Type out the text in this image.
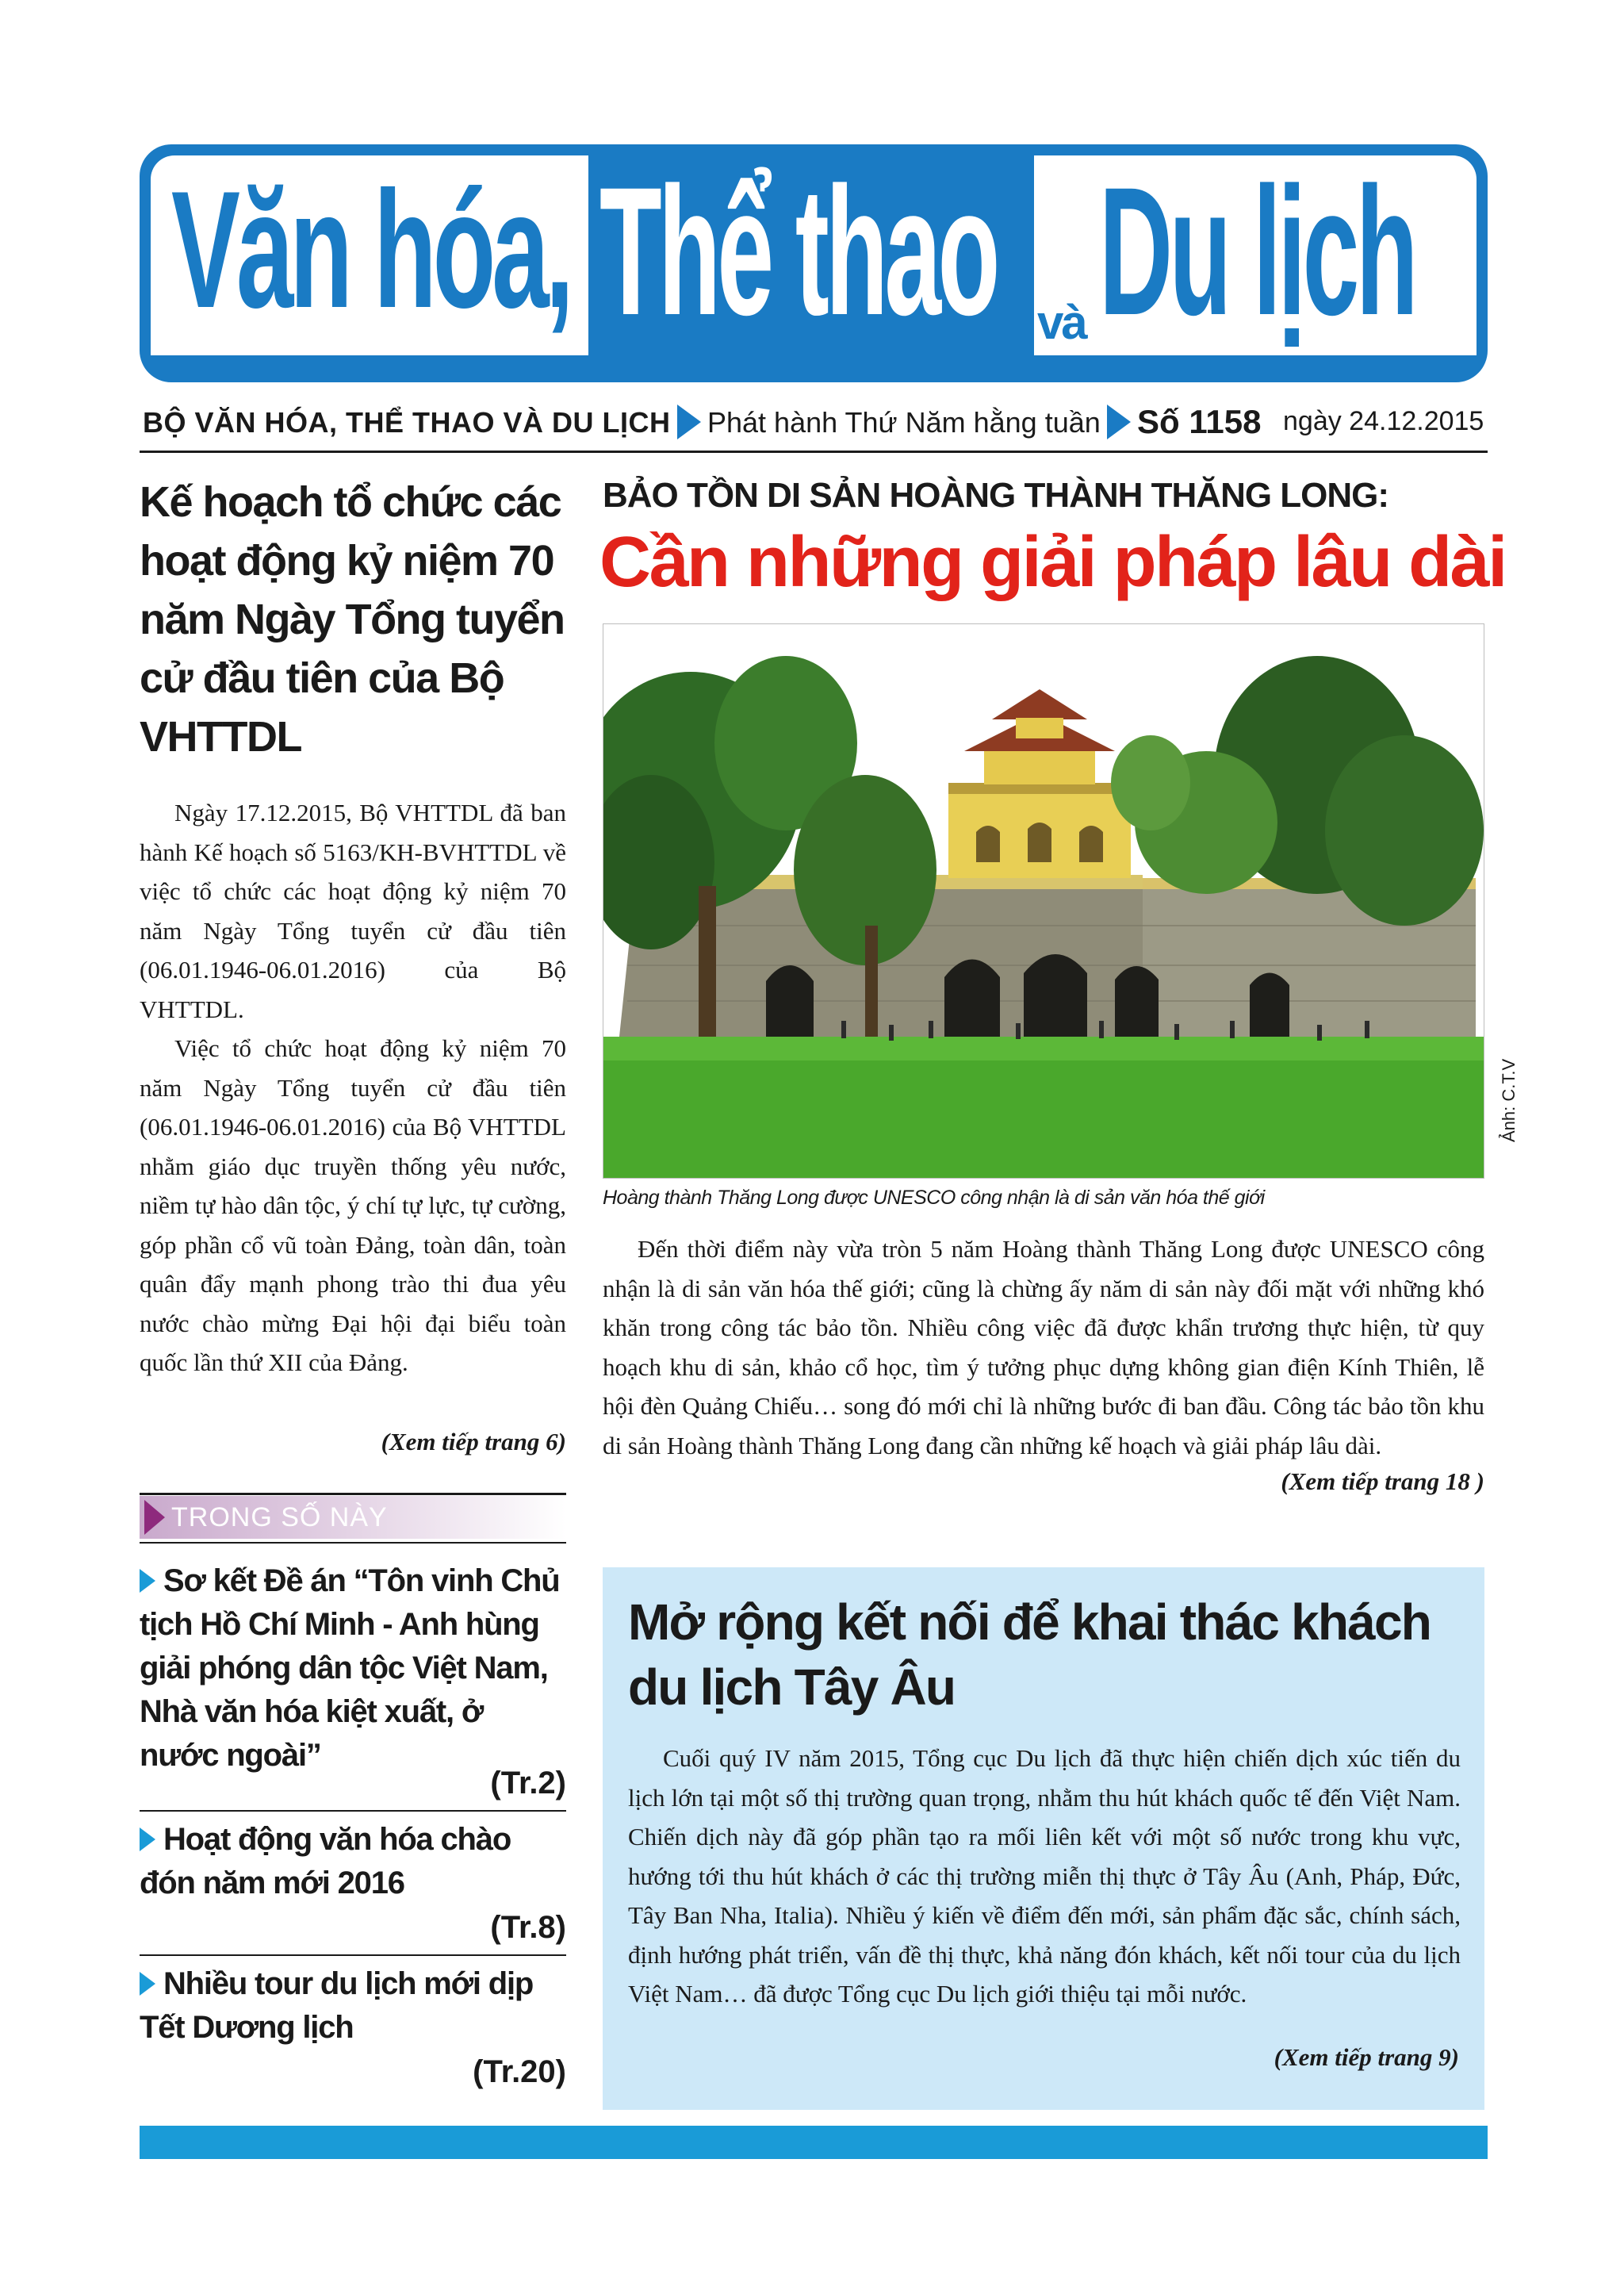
Văn hóa, Thể thao và Du lịch
BỘ VĂN HÓA, THỂ THAO VÀ DU LỊCH Phát hành Thứ Năm hằng tuần Số 1158 ngày 24.12.2015
Kế hoạch tổ chức các hoạt động kỷ niệm 70 năm Ngày Tổng tuyển cử đầu tiên của Bộ VHTTDL

Ngày 17.12.2015, Bộ VHTTDL đã ban hành Kế hoạch số 5163/KH-BVHTTDL về việc tổ chức các hoạt động kỷ niệm 70 năm Ngày Tổng tuyển cử đầu tiên (06.01.1946-06.01.2016) của Bộ VHTTDL.

Việc tổ chức hoạt động kỷ niệm 70 năm Ngày Tổng tuyển cử đầu tiên (06.01.1946-06.01.2016) của Bộ VHTTDL nhằm giáo dục truyền thống yêu nước, niềm tự hào dân tộc, ý chí tự lực, tự cường, góp phần cổ vũ toàn Đảng, toàn dân, toàn quân đẩy mạnh phong trào thi đua yêu nước chào mừng Đại hội đại biểu toàn quốc lần thứ XII của Đảng.

(Xem tiếp trang 6)
TRONG SỐ NÀY
Sơ kết Đề án “Tôn vinh Chủ tịch Hồ Chí Minh - Anh hùng giải phóng dân tộc Việt Nam, Nhà văn hóa kiệt xuất, ở nước ngoài”
(Tr.2)
Hoạt động văn hóa chào đón năm mới 2016
(Tr.8)
Nhiều tour du lịch mới dịp Tết Dương lịch
(Tr.20)
BẢO TỒN DI SẢN HOÀNG THÀNH THĂNG LONG:
Cần những giải pháp lâu dài
Ảnh: C.T.V
Hoàng thành Thăng Long được UNESCO công nhận là di sản văn hóa thế giới

Đến thời điểm này vừa tròn 5 năm Hoàng thành Thăng Long được UNESCO công nhận là di sản văn hóa thế giới; cũng là chừng ấy năm di sản này đối mặt với những khó khăn trong công tác bảo tồn. Nhiều công việc đã được khẩn trương thực hiện, từ quy hoạch khu di sản, khảo cổ học, tìm ý tưởng phục dựng không gian điện Kính Thiên, lễ hội đèn Quảng Chiếu… song đó mới chỉ là những bước đi ban đầu. Công tác bảo tồn khu di sản Hoàng thành Thăng Long đang cần những kế hoạch và giải pháp lâu dài.

(Xem tiếp trang 18 )
Mở rộng kết nối để khai thác khách du lịch Tây Âu

Cuối quý IV năm 2015, Tổng cục Du lịch đã thực hiện chiến dịch xúc tiến du lịch lớn tại một số thị trường quan trọng, nhằm thu hút khách quốc tế đến Việt Nam. Chiến dịch này đã góp phần tạo ra mối liên kết với một số nước trong khu vực, hướng tới thu hút khách ở các thị trường miễn thị thực ở Tây Âu (Anh, Pháp, Đức, Tây Ban Nha, Italia). Nhiều ý kiến về điểm đến mới, sản phẩm đặc sắc, chính sách, định hướng phát triển, vấn đề thị thực, khả năng đón khách, kết nối tour của du lịch Việt Nam… đã được Tổng cục Du lịch giới thiệu tại mỗi nước.

(Xem tiếp trang 9)
